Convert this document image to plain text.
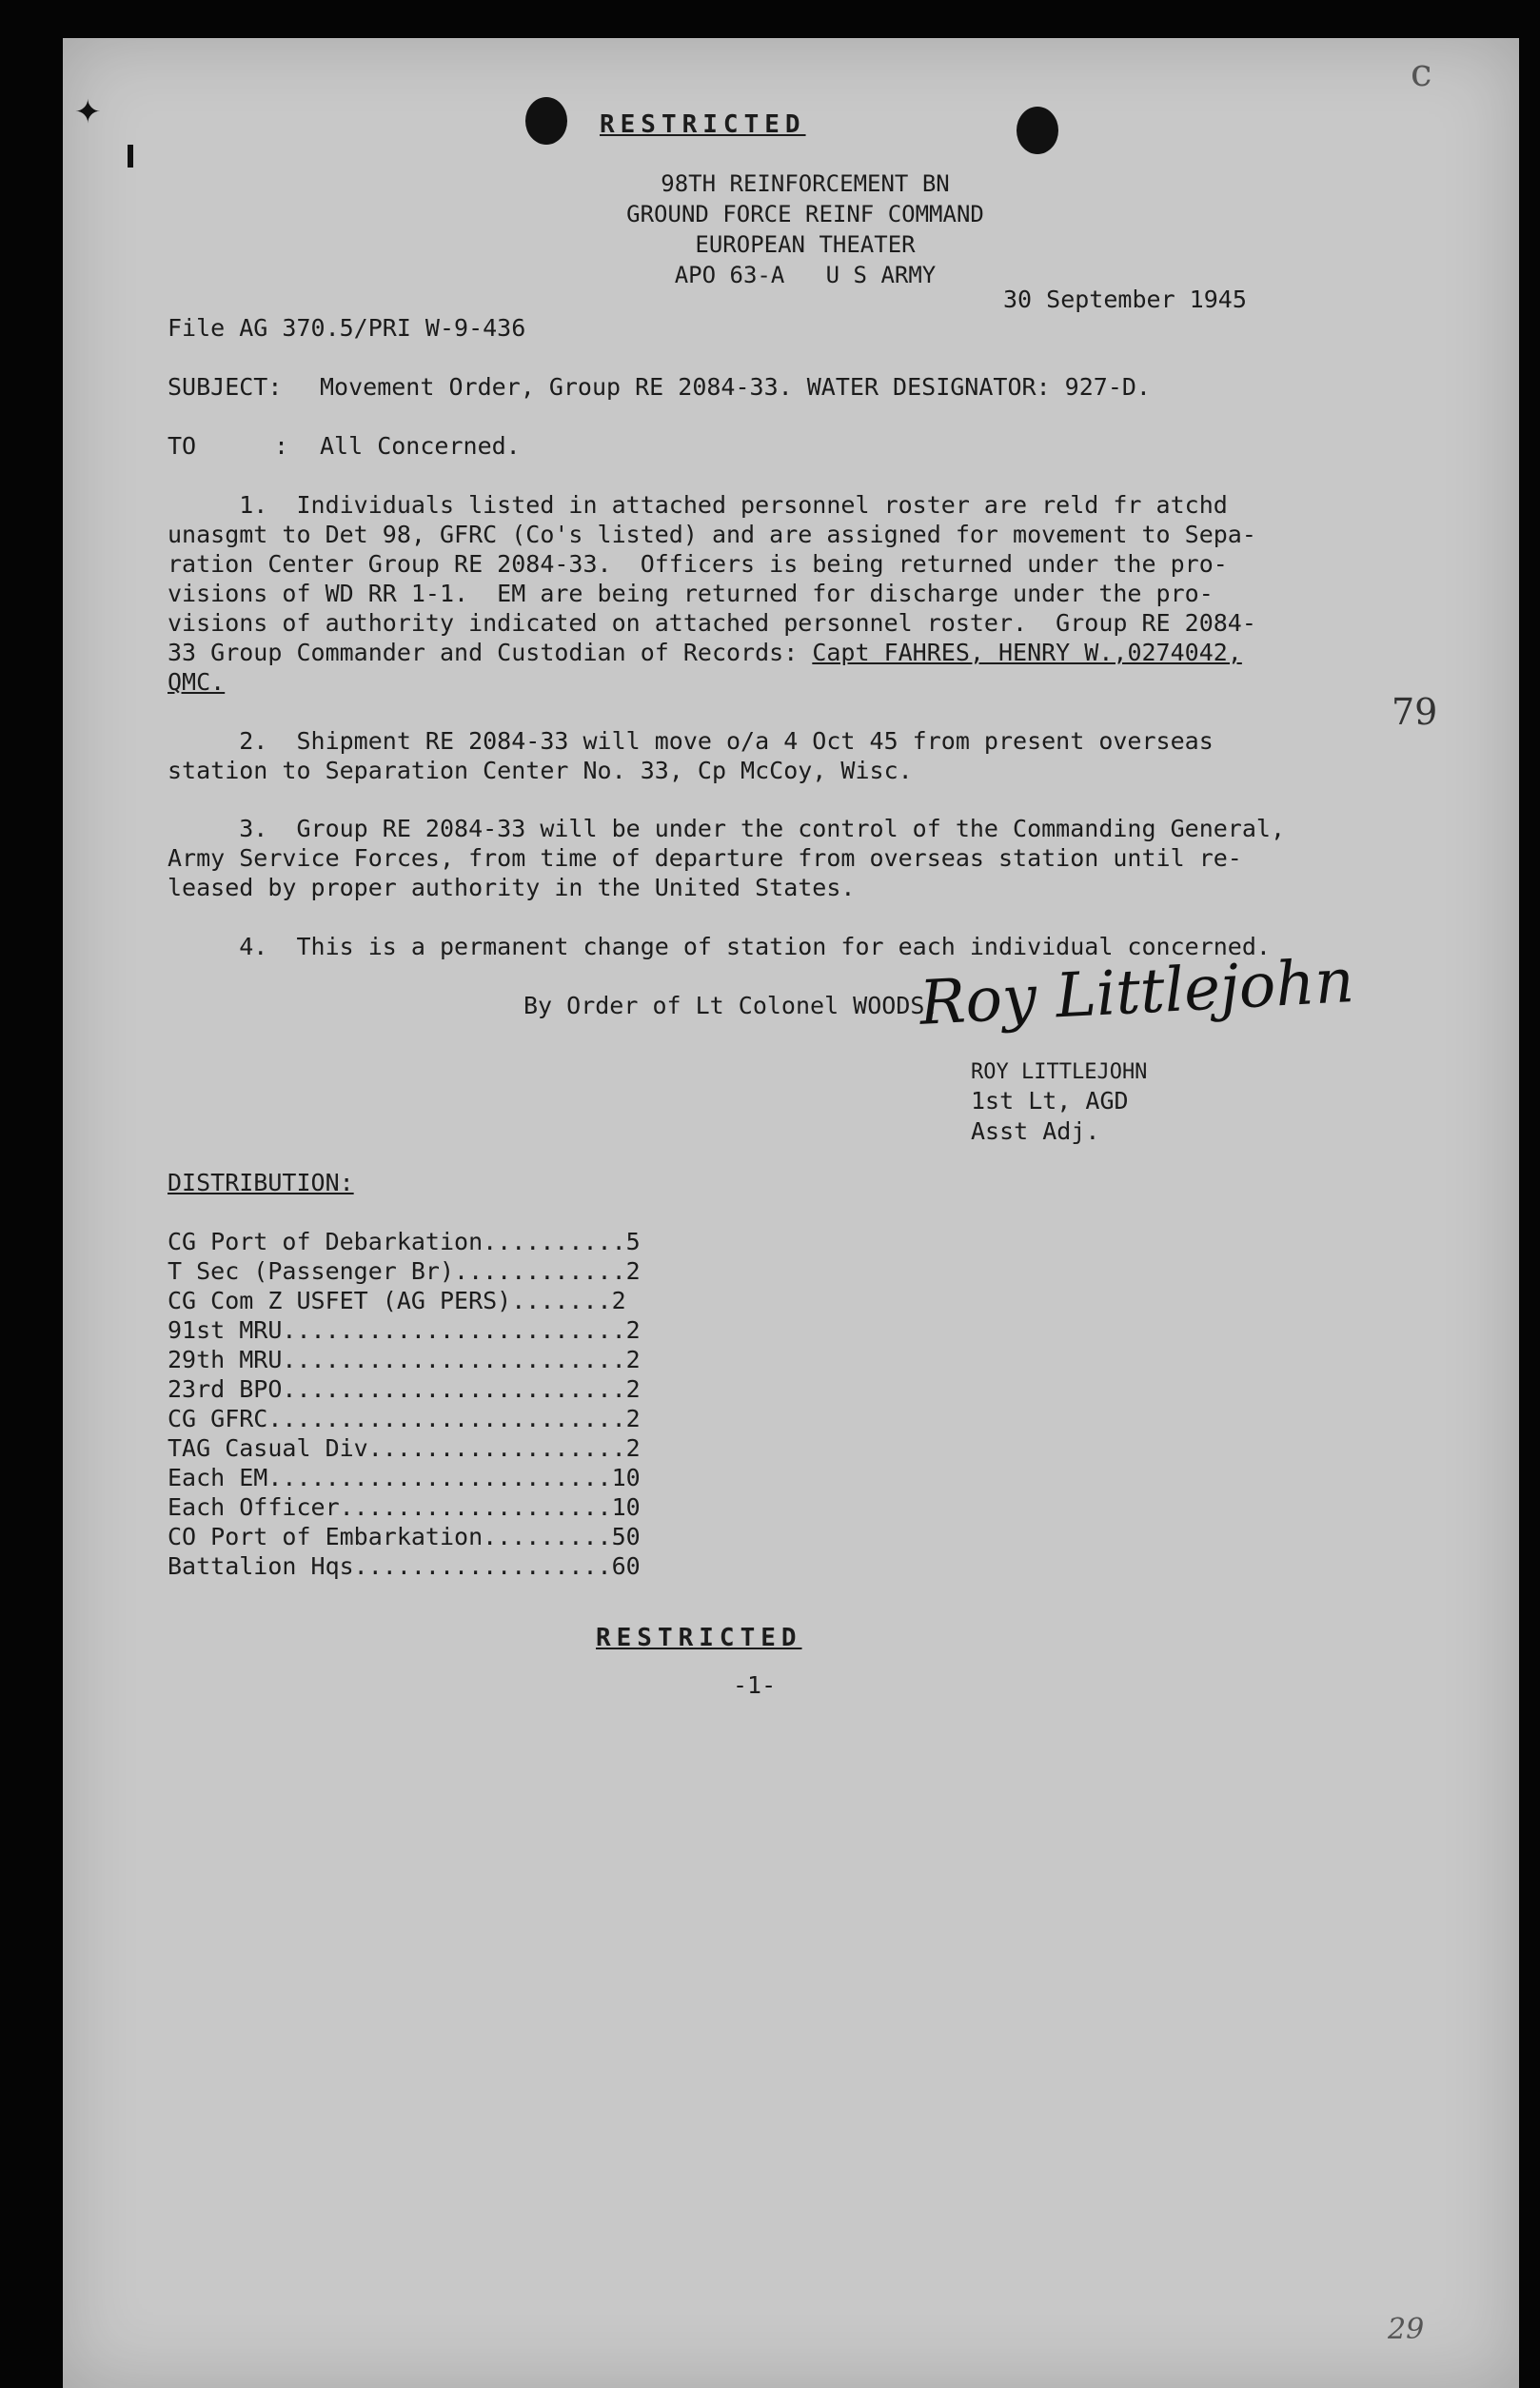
✦
c
79
29
RESTRICTED
98TH REINFORCEMENT BN
GROUND FORCE REINF COMMAND
EUROPEAN THEATER
APO 63-A   U S ARMY
30 September 1945
File AG 370.5/PRI W-9-436
SUBJECT: Movement Order, Group RE 2084-33. WATER DESIGNATOR: 927-D.
TO	: All Concerned.
1.  Individuals listed in attached personnel roster are reld fr atchd
unasgmt to Det 98, GFRC (Co's listed) and are assigned for movement to Sepa-
ration Center Group RE 2084-33.  Officers is being returned under the pro-
visions of WD RR 1-1.  EM are being returned for discharge under the pro-
visions of authority indicated on attached personnel roster.  Group RE 2084-
33 Group Commander and Custodian of Records: Capt FAHRES, HENRY W.,0274042,
QMC.
2.  Shipment RE 2084-33 will move o/a 4 Oct 45 from present overseas
station to Separation Center No. 33, Cp McCoy, Wisc.
3.  Group RE 2084-33 will be under the control of the Commanding General,
Army Service Forces, from time of departure from overseas station until re-
leased by proper authority in the United States.
4.  This is a permanent change of station for each individual concerned.
By Order of Lt Colonel WOODS:
Roy Littlejohn
ROY LITTLEJOHN
1st Lt, AGD
Asst Adj.
DISTRIBUTION:
CG Port of Debarkation..........5
T Sec (Passenger Br)............2
CG Com Z USFET (AG PERS).......2
91st MRU........................2
29th MRU........................2
23rd BPO........................2
CG GFRC.........................2
TAG Casual Div..................2
Each EM........................10
Each Officer...................10
CO Port of Embarkation.........50
Battalion Hqs..................60
RESTRICTED
-1-
